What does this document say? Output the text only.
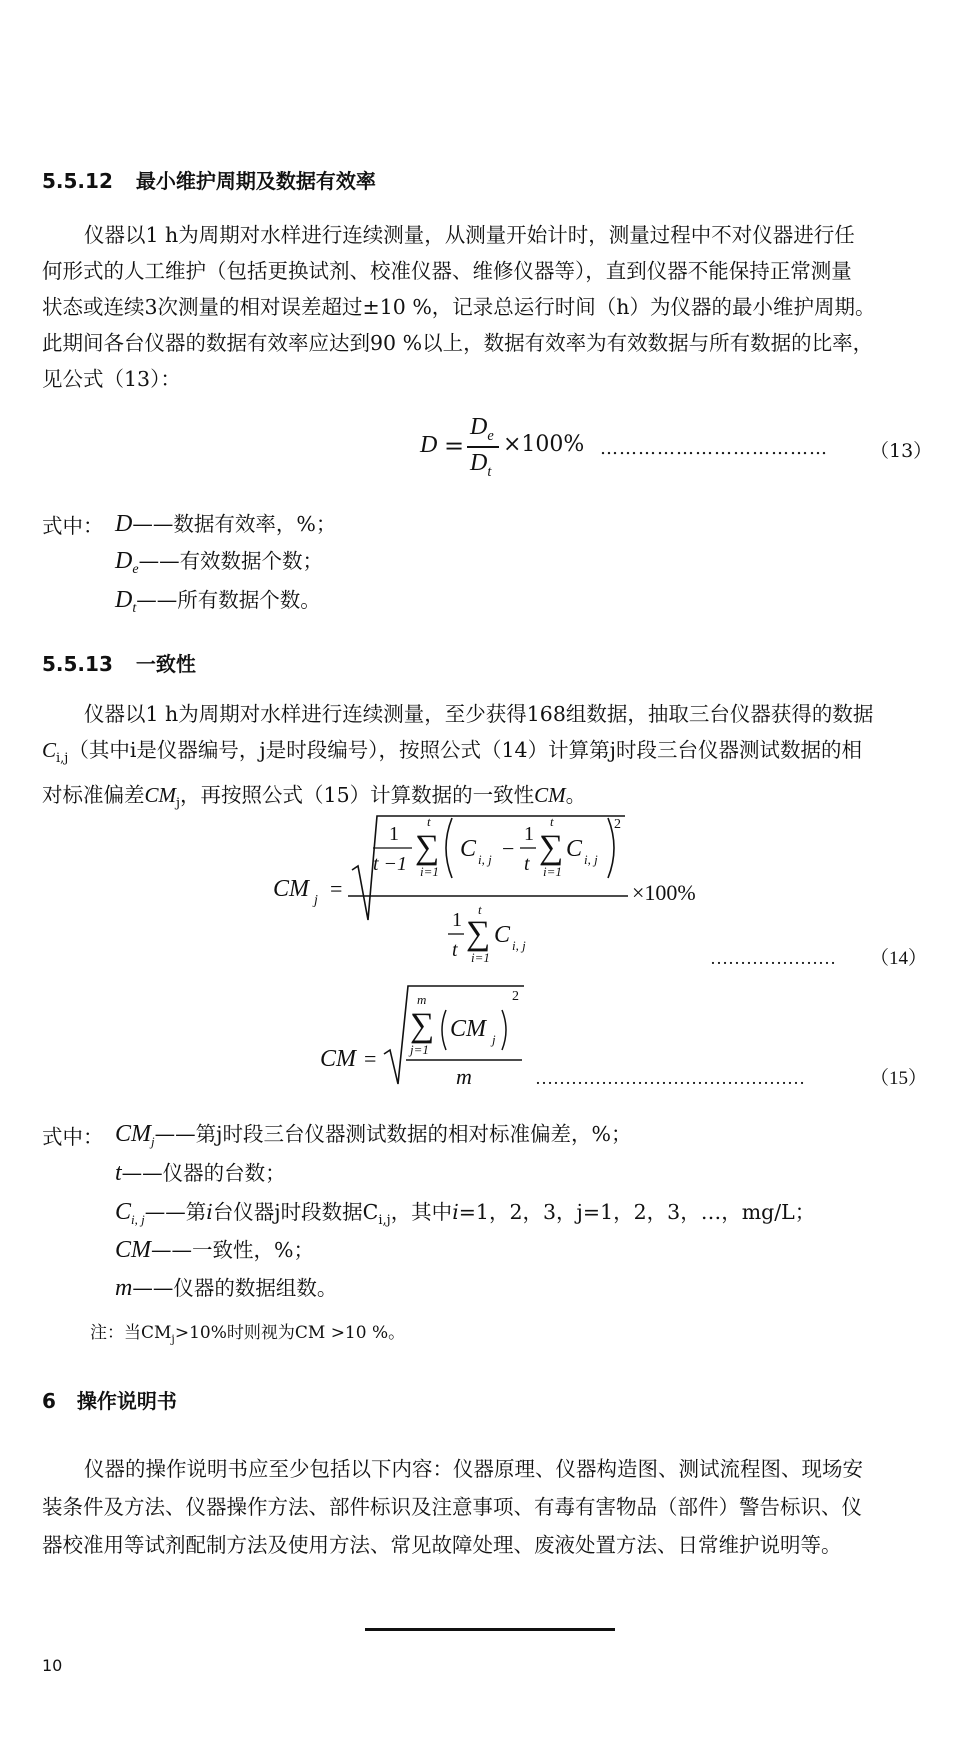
5.5.12 最小维护周期及数据有效率
仪器以1 h为周期对水样进行连续测量，从测量开始计时，测量过程中不对仪器进行任
何形式的人工维护（包括更换试剂、校准仪器、维修仪器等），直到仪器不能保持正常测量
状态或连续3次测量的相对误差超过±10 %，记录总运行时间（h）为仪器的最小维护周期。
此期间各台仪器的数据有效率应达到90 %以上，数据有效率为有效数据与所有数据的比率，
见公式（13）：
D =
$D_e$
$D_t$
×100% ……………………………… （13）
式中： D——数据有效率，%；
$D_e——$有效数据个数；
$D_t——$所有数据个数。
5.5.13 一致性
仪器以1 h为周期对水样进行连续测量，至少获得168组数据，抽取三台仪器获得的数据
$C_{i,j}$（其中i是仪器编号，j是时段编号），按照公式（14）计算第j时段三台仪器测试数据的相
对标准偏差$CM_j$，再按照公式（15）计算数据的一致性CM。
CM j =
1
t −1 ∑
t
i=1
C i, j −
1
t ∑
t
i=1
C i, j
2
×100%
1
t ∑
t
i=1
C i, j
………………… （14）
CM =
∑
m
j=1
CM j
2
m	………………………………………	（15）
式中： $CM_j——$第j时段三台仪器测试数据的相对标准偏差，%；
t——仪器的台数；
$C_{i, j}——$第i台仪器j时段数据$C_{i,j}$，其中i=1，2，3，j=1，2，3，…，mg/L；
CM——一致性，%；
m——仪器的数据组数。
注：当$CM_j>10\%$时则视为CM >10 %。
6 操作说明书
仪器的操作说明书应至少包括以下内容：仪器原理、仪器构造图、测试流程图、现场安
装条件及方法、仪器操作方法、部件标识及注意事项、有毒有害物品（部件）警告标识、仪
器校准用等试剂配制方法及使用方法、常见故障处理、废液处置方法、日常维护说明等。
10
